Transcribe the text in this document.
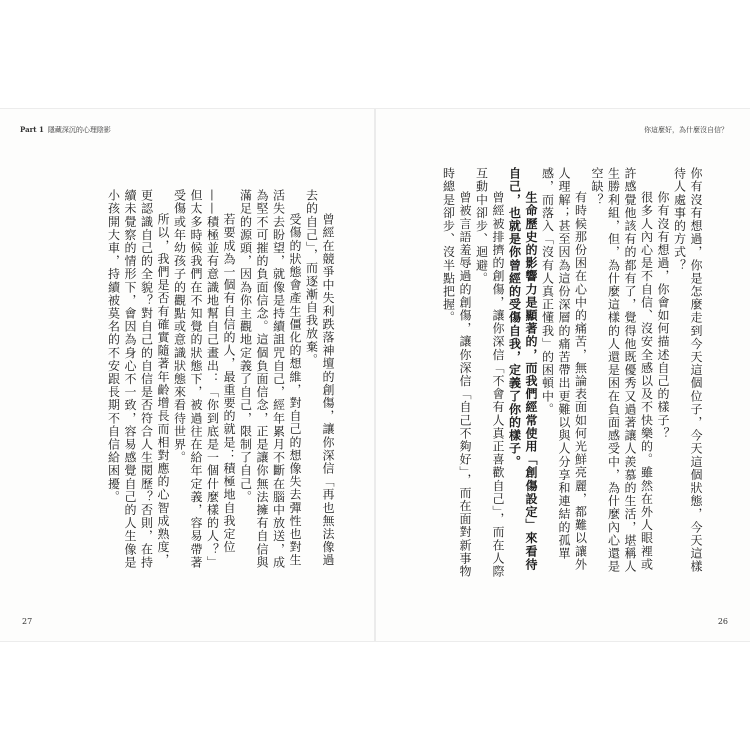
Part 1 隱藏深沉的心理陰影	你這麼好，為什麼沒自信？

你有沒有想過，你是怎麼走到今天這個位子，今天這個狀態，今天這樣待人處事的方式？

你有沒有想過，你會如何描述自己的樣子？

很多人內心是不自信、沒安全感以及不快樂的。雖然在外人眼裡或許感覺他該有的都有了，覺得他既優秀又過著讓人羨慕的生活，堪稱人生勝利組，但，為什麼這樣的人還是困在負面感受中，為什麼內心還是空缺？

有時候那份困在心中的痛苦，無論表面如何光鮮亮麗，都難以讓外人理解；甚至因為這份深層的痛苦帶出更難以與人分享和連結的孤單感，而落入「沒有人真正懂我」的困頓中。

生命歷史的影響力是顯著的，而我們經常使用「創傷設定」來看待自己，也就是你曾經的受傷自我，定義了你的樣子。

曾經被排擠的創傷，讓你深信「不會有人真正喜歡自己」，而在人際互動中卻步、迴避。

曾被言語羞辱過的創傷，讓你深信「自己不夠好」，而在面對新事物時總是卻步、沒半點把握。

曾經在競爭中失利跌落神壇的創傷，讓你深信「再也無法像過去的自己」，而逐漸自我放棄。

受傷的狀態會產生僵化的想維，對自己的想像失去彈性也對生活失去盼望，就像是持續詛咒自己，經年累月不斷在腦中放送，成為堅不可摧的負面信念。這個負面信念，正是讓你無法擁有自信與滿足的源頭，因為你主觀地定義了自己，限制了自己。

若要成為一個有自信的人，最重要的就是：積極地自我定位——積極並有意識地幫自己畫出：「你到底是一個什麼樣的人？」但太多時候我們在不知覺的狀態下，被過往在給年定義，容易帶著受傷或年幼孩子的觀點或意識狀態來看待世界。

所以，我們是否有確實隨著年齡增長而相對應的心智成熟度，更認識自己的全貌？對自己的自信是否符合人生閱歷？否則，在持續未覺察的情形下，會因為身心不一致，容易感覺自己的人生像是小孩開大車，持續被莫名的不安跟長期不自信給困擾。

27	26
